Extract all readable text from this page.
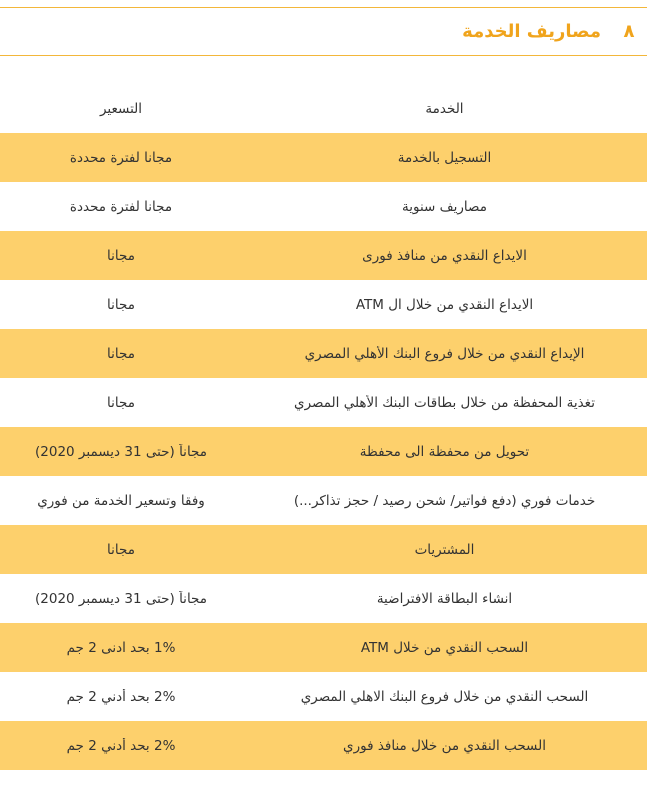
٨
مصاريف الخدمة
الخدمة
التسعير
التسجيل بالخدمة
مجانا لفترة محددة
مصاريف سنوية
مجانا لفترة محددة
الايداع النقدي من منافذ فورى
مجانا
الايداع النقدي من خلال ال ATM
مجانا
الإيداع النقدي من خلال فروع البنك الأهلي المصري
مجانا
تغذية المحفظة من خلال بطاقات البنك الأهلي المصري
مجانا
تحويل من محفظة الى محفظة
مجاناً (حتى 31 ديسمبر 2020)
خدمات فوري (دفع فواتير/ شحن رصيد / حجز تذاكر...)
وفقا وتسعير الخدمة من فوري
المشتريات
مجانا
انشاء البطاقة الافتراضية
مجاناً (حتى 31 ديسمبر 2020)
السحب النقدي من خلال ATM
1% بحد ادنى 2 جم
السحب النقدي من خلال فروع البنك الاهلي المصري
2% بحد أدني 2 جم
السحب النقدي من خلال منافذ فوري
2% بحد أدني 2 جم
